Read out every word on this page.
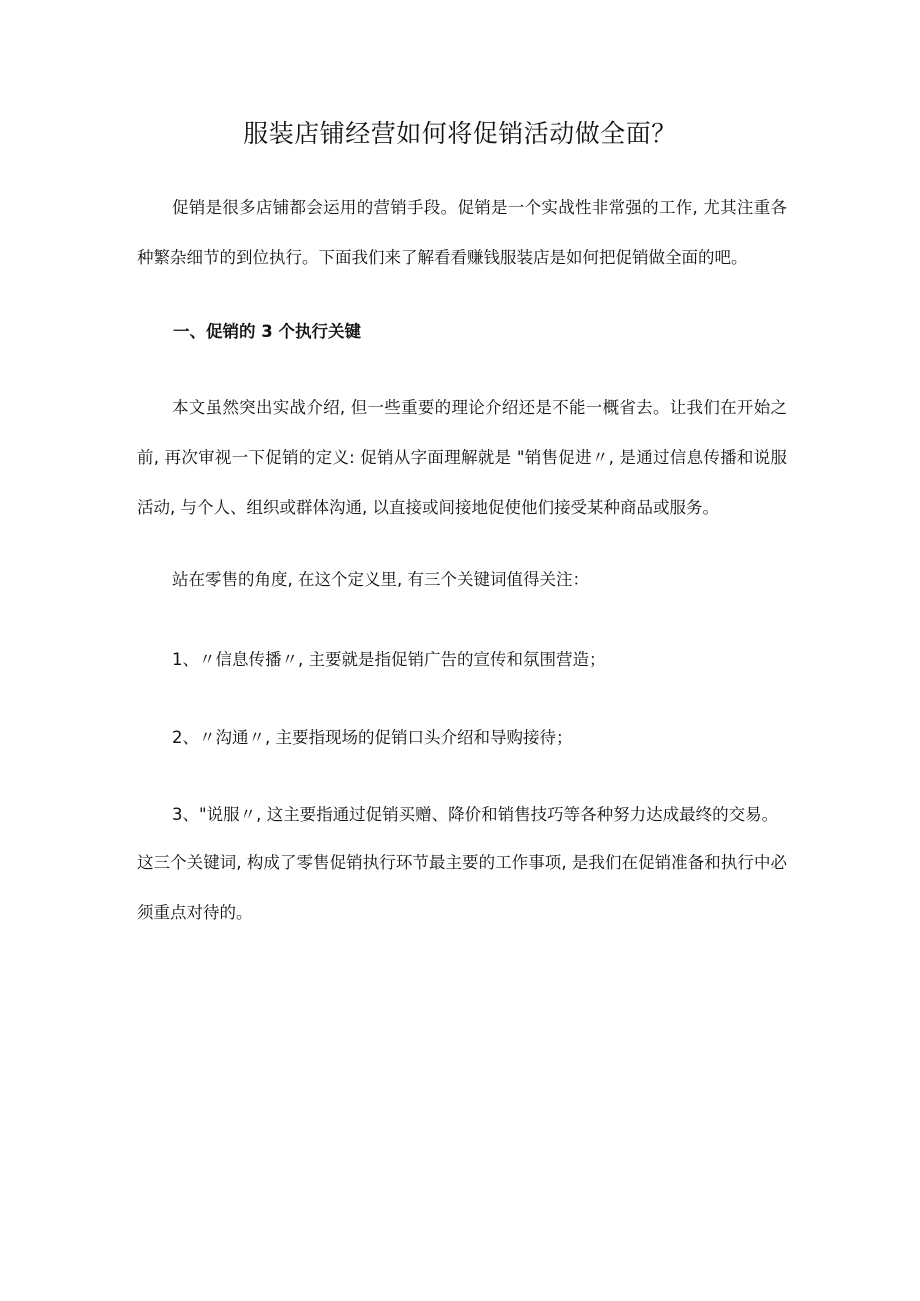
服装店铺经营如何将促销活动做全面？

促销是很多店铺都会运用的营销手段。促销是一个实战性非常强的工作, 尤其注重各种繁杂细节的到位执行。下面我们来了解看看赚钱服装店是如何把促销做全面的吧。

一、促销的 3 个执行关键

本文虽然突出实战介绍, 但一些重要的理论介绍还是不能一概省去。让我们在开始之前, 再次审视一下促销的定义: 促销从字面理解就是 "销售促进〃, 是通过信息传播和说服活动, 与个人、组织或群体沟通, 以直接或间接地促使他们接受某种商品或服务。

站在零售的角度, 在这个定义里, 有三个关键词值得关注：

1、〃信息传播〃, 主要就是指促销广告的宣传和氛围营造；

2、〃沟通〃, 主要指现场的促销口头介绍和导购接待；

3、"说服〃, 这主要指通过促销买赠、降价和销售技巧等各种努力达成最终的交易。

这三个关键词, 构成了零售促销执行环节最主要的工作事项, 是我们在促销准备和执行中必须重点对待的。
